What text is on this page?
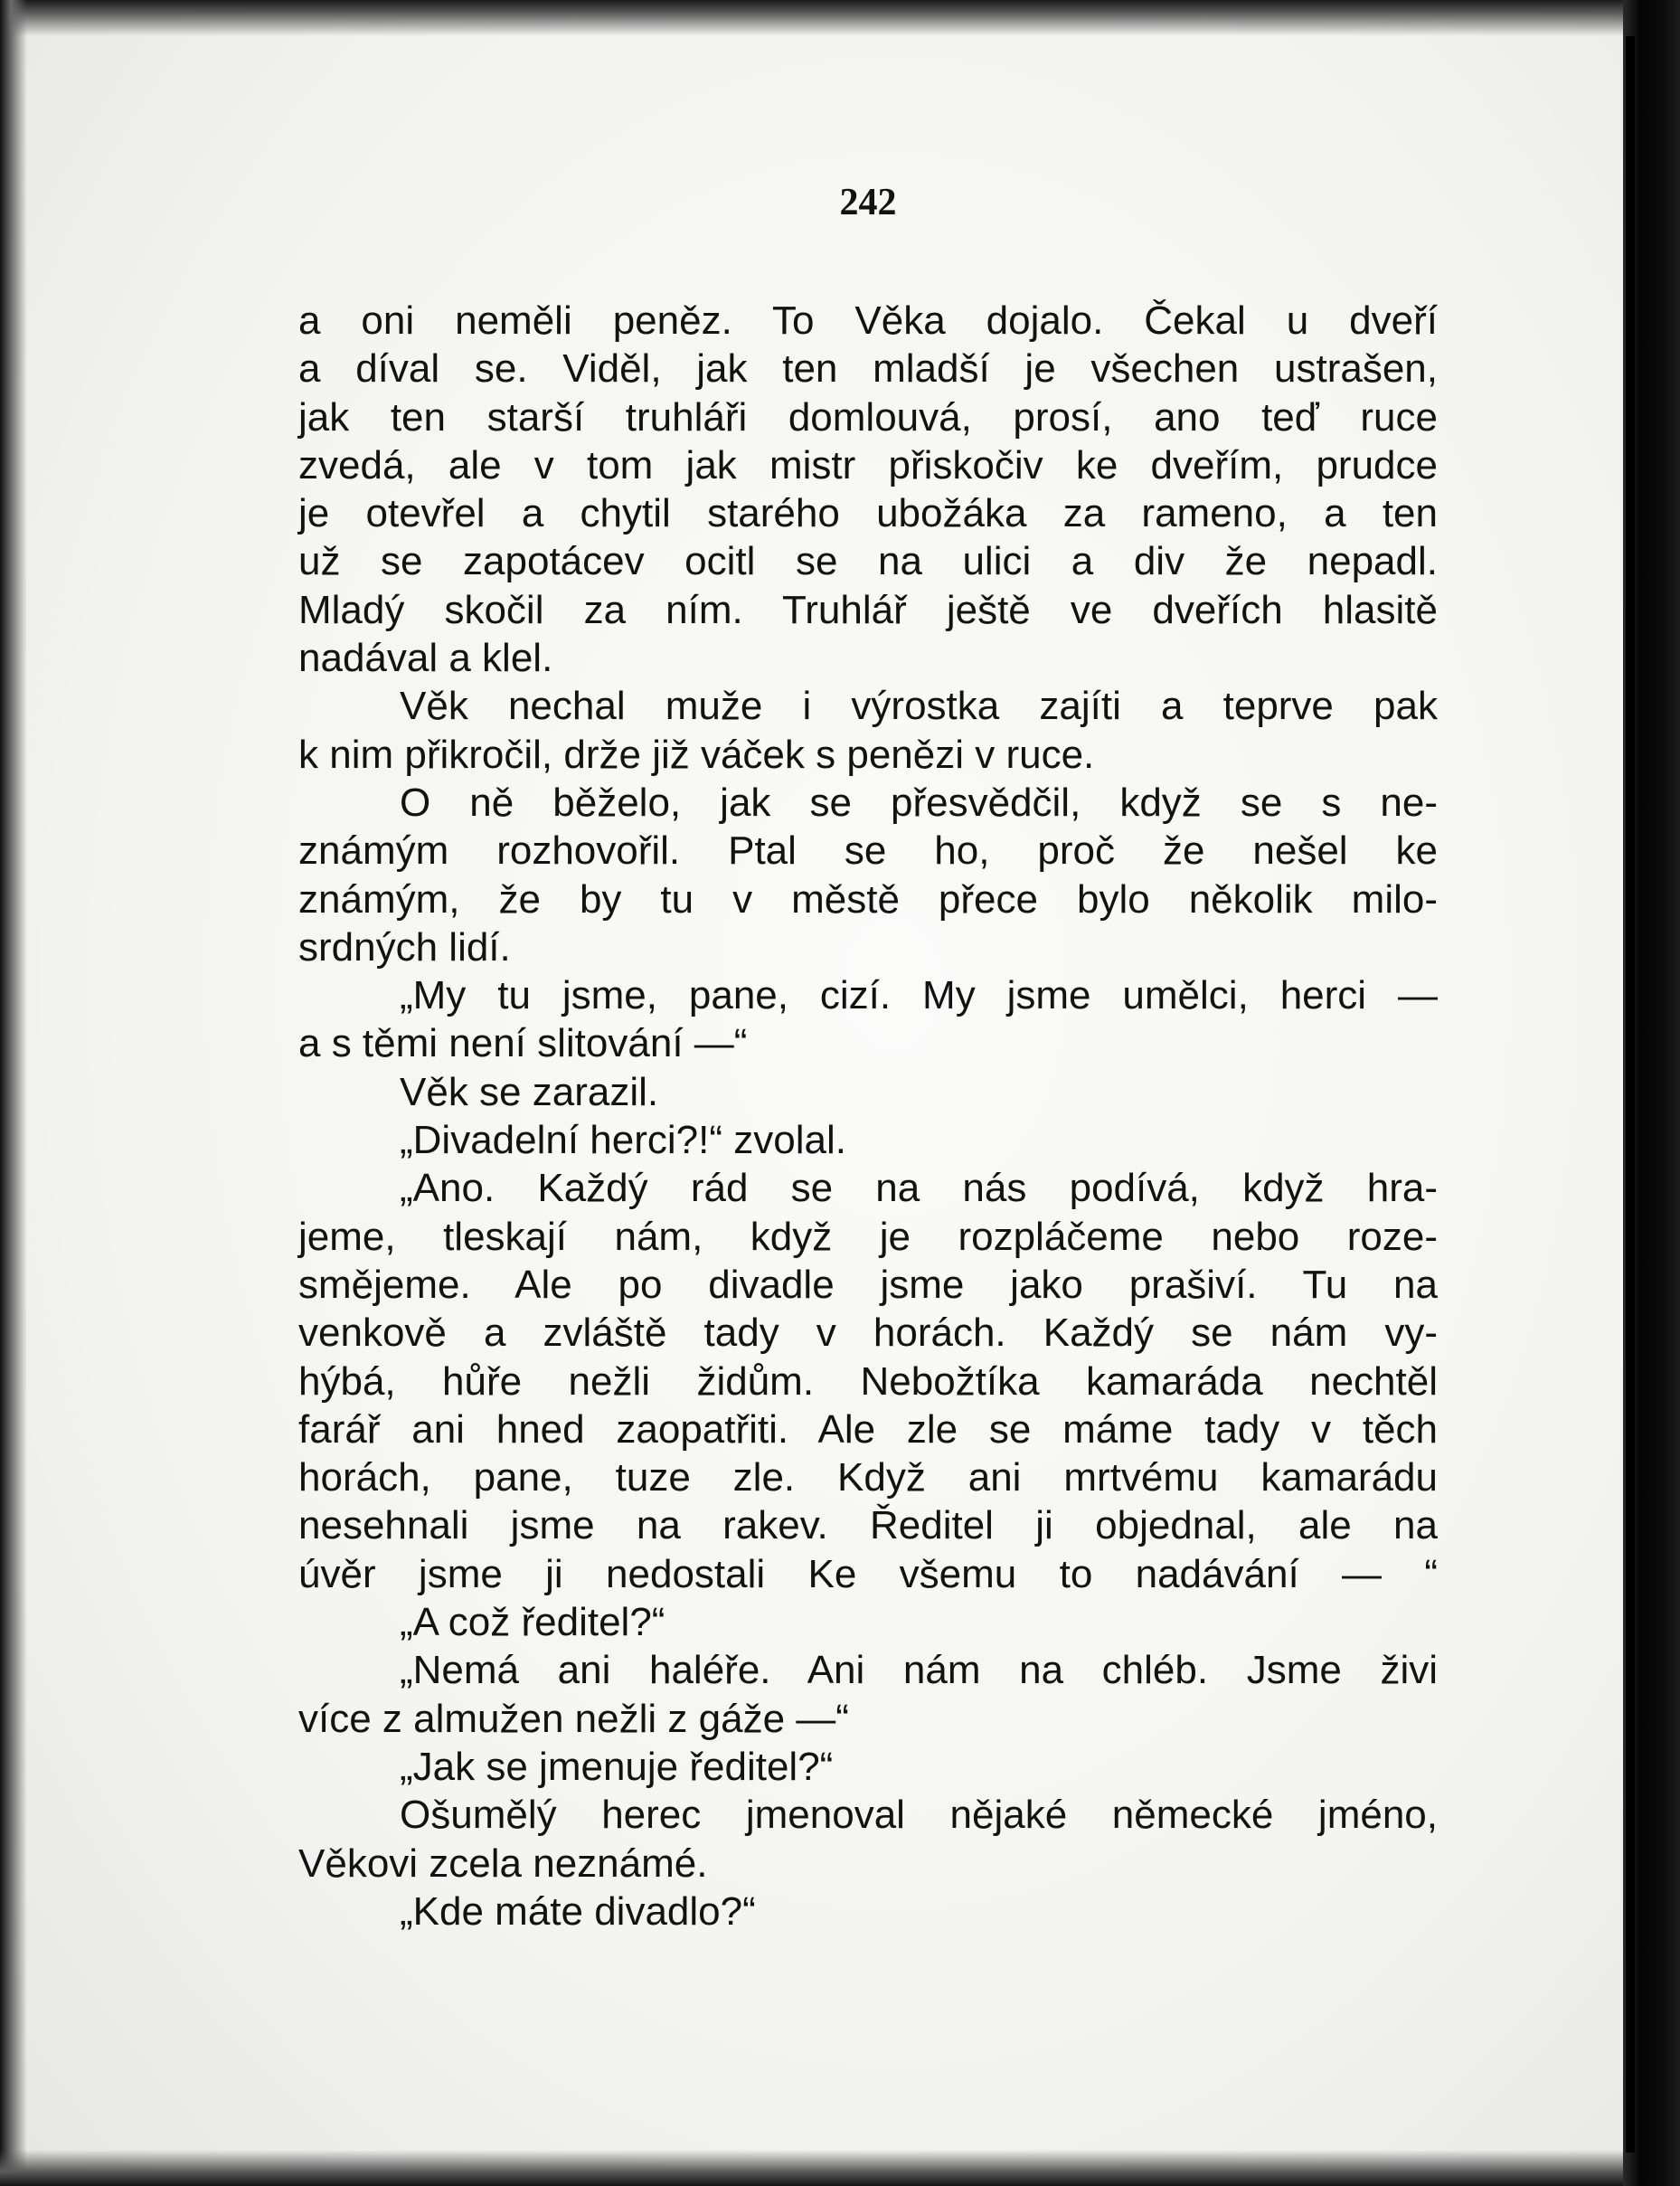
242
a oni neměli peněz. To Věka dojalo. Čekal u dveří
a díval se. Viděl, jak ten mladší je všechen ustrašen,
jak ten starší truhláři domlouvá, prosí, ano teď ruce
zvedá, ale v tom jak mistr přiskočiv ke dveřím, prudce
je otevřel a chytil starého ubožáka za rameno, a ten
už se zapotácev ocitl se na ulici a div že nepadl.
Mladý skočil za ním. Truhlář ještě ve dveřích hlasitě
nadával a klel.
Věk nechal muže i výrostka zajíti a teprve pak
k nim přikročil, drže již váček s penězi v ruce.
O ně běželo, jak se přesvědčil, když se s ne-
známým rozhovořil. Ptal se ho, proč že nešel ke
známým, že by tu v městě přece bylo několik milo-
srdných lidí.
„My tu jsme, pane, cizí. My jsme umělci, herci —
a s těmi není slitování —“
Věk se zarazil.
„Divadelní herci?!“ zvolal.
„Ano. Každý rád se na nás podívá, když hra-
jeme, tleskají nám, když je rozpláčeme nebo roze-
smějeme. Ale po divadle jsme jako prašiví. Tu na
venkově a zvláště tady v horách. Každý se nám vy-
hýbá, hůře nežli židům. Nebožtíka kamaráda nechtěl
farář ani hned zaopatřiti. Ale zle se máme tady v těch
horách, pane, tuze zle. Když ani mrtvému kamarádu
nesehnali jsme na rakev. Ředitel ji objednal, ale na
úvěr jsme ji nedostali Ke všemu to nadávání — “
„A což ředitel?“
„Nemá ani haléře. Ani nám na chléb. Jsme živi
více z almužen nežli z gáže —“
„Jak se jmenuje ředitel?“
Ošumělý herec jmenoval nějaké německé jméno,
Věkovi zcela neznámé.
„Kde máte divadlo?“
